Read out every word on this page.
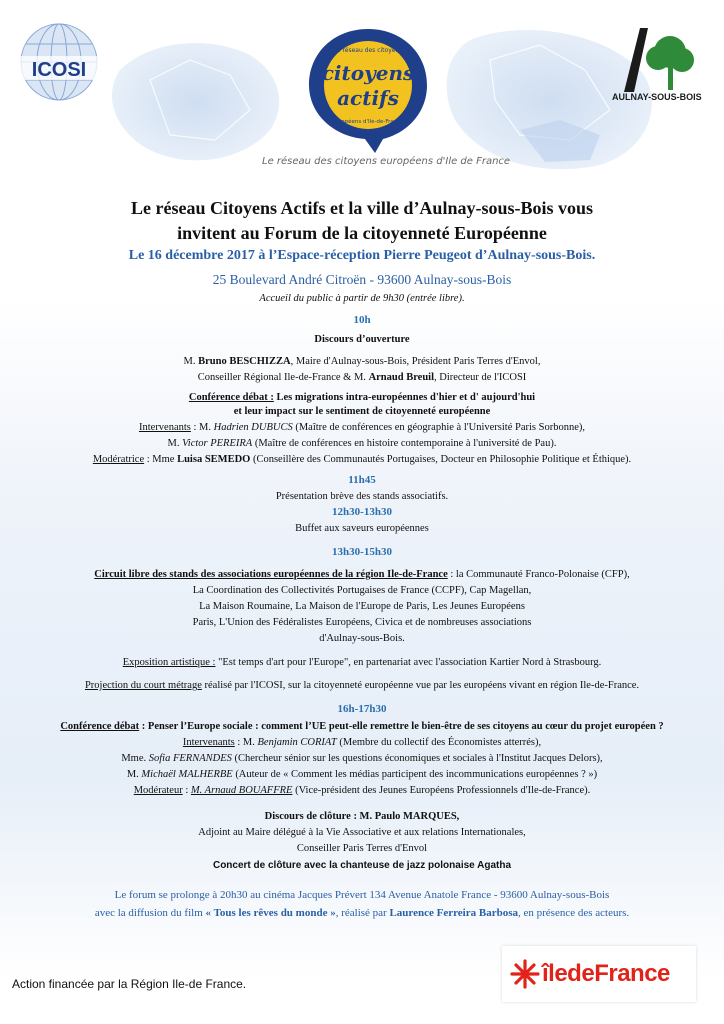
ICOSI	citoyens
actifs
Le réseau des citoyens
européens d'Ile-de-France
AULNAY-SOUS-BOIS
Le réseau des citoyens européens d'Ile de France

Le réseau Citoyens Actifs et la ville d’Aulnay-sous-Bois vous

invitent au Forum de la citoyenneté Européenne

Le 16 décembre 2017 à l’Espace-réception Pierre Peugeot d’Aulnay-sous-Bois.

25 Boulevard André Citroën - 93600 Aulnay-sous-Bois

Accueil du public à partir de 9h30 (entrée libre).

10h

Discours d’ouverture

M. Bruno BESCHIZZA, Maire d'Aulnay-sous-Bois, Président Paris Terres d'Envol,

Conseiller Régional Ile-de-France & M. Arnaud Breuil, Directeur de l'ICOSI

Conférence débat : Les migrations intra-européennes d'hier et d' aujourd'hui

et leur impact sur le sentiment de citoyenneté européenne

Intervenants : M. Hadrien DUBUCS (Maître de conférences en géographie à l'Université Paris Sorbonne),

M. Victor PEREIRA (Maître de conférences en histoire contemporaine à l'université de Pau).

Modératrice : Mme Luisa SEMEDO (Conseillère des Communautés Portugaises, Docteur en Philosophie Politique et Éthique).

11h45

Présentation brève des stands associatifs.

12h30-13h30

Buffet aux saveurs européennes

13h30-15h30

Circuit libre des stands des associations européennes de la région Ile-de-France : la Communauté Franco-Polonaise (CFP),

La Coordination des Collectivités Portugaises de France (CCPF), Cap Magellan,

La Maison Roumaine, La Maison de l'Europe de Paris, Les Jeunes Européens

Paris, L'Union des Fédéralistes Européens, Civica et de nombreuses associations

d'Aulnay-sous-Bois.

Exposition artistique : "Est temps d'art pour l'Europe", en partenariat avec l'association Kartier Nord à Strasbourg.

Projection du court métrage réalisé par l'ICOSI, sur la citoyenneté européenne vue par les européens vivant en région Ile-de-France.

16h-17h30

Conférence débat : Penser l’Europe sociale : comment l’UE peut-elle remettre le bien-être de ses citoyens au cœur du projet européen ?

Intervenants : M. Benjamin CORIAT (Membre du collectif des Économistes atterrés),

Mme. Sofia FERNANDES (Chercheur sénior sur les questions économiques et sociales à l'Institut Jacques Delors),

M. Michaël MALHERBE (Auteur de « Comment les médias participent des incommunications européennes ? »)

Modérateur : M. Arnaud BOUAFFRE (Vice-président des Jeunes Européens Professionnels d'Ile-de-France).

Discours de clôture : M. Paulo MARQUES,

Adjoint au Maire délégué à la Vie Associative et aux relations Internationales,

Conseiller Paris Terres d'Envol

Concert de clôture avec la chanteuse de jazz polonaise Agatha

Le forum se prolonge à 20h30 au cinéma Jacques Prévert 134 Avenue Anatole France - 93600 Aulnay-sous-Bois

avec la diffusion du film « Tous les rêves du monde », réalisé par Laurence Ferreira Barbosa, en présence des acteurs.

Action financée par la Région Ile-de France.	îledeFrance
